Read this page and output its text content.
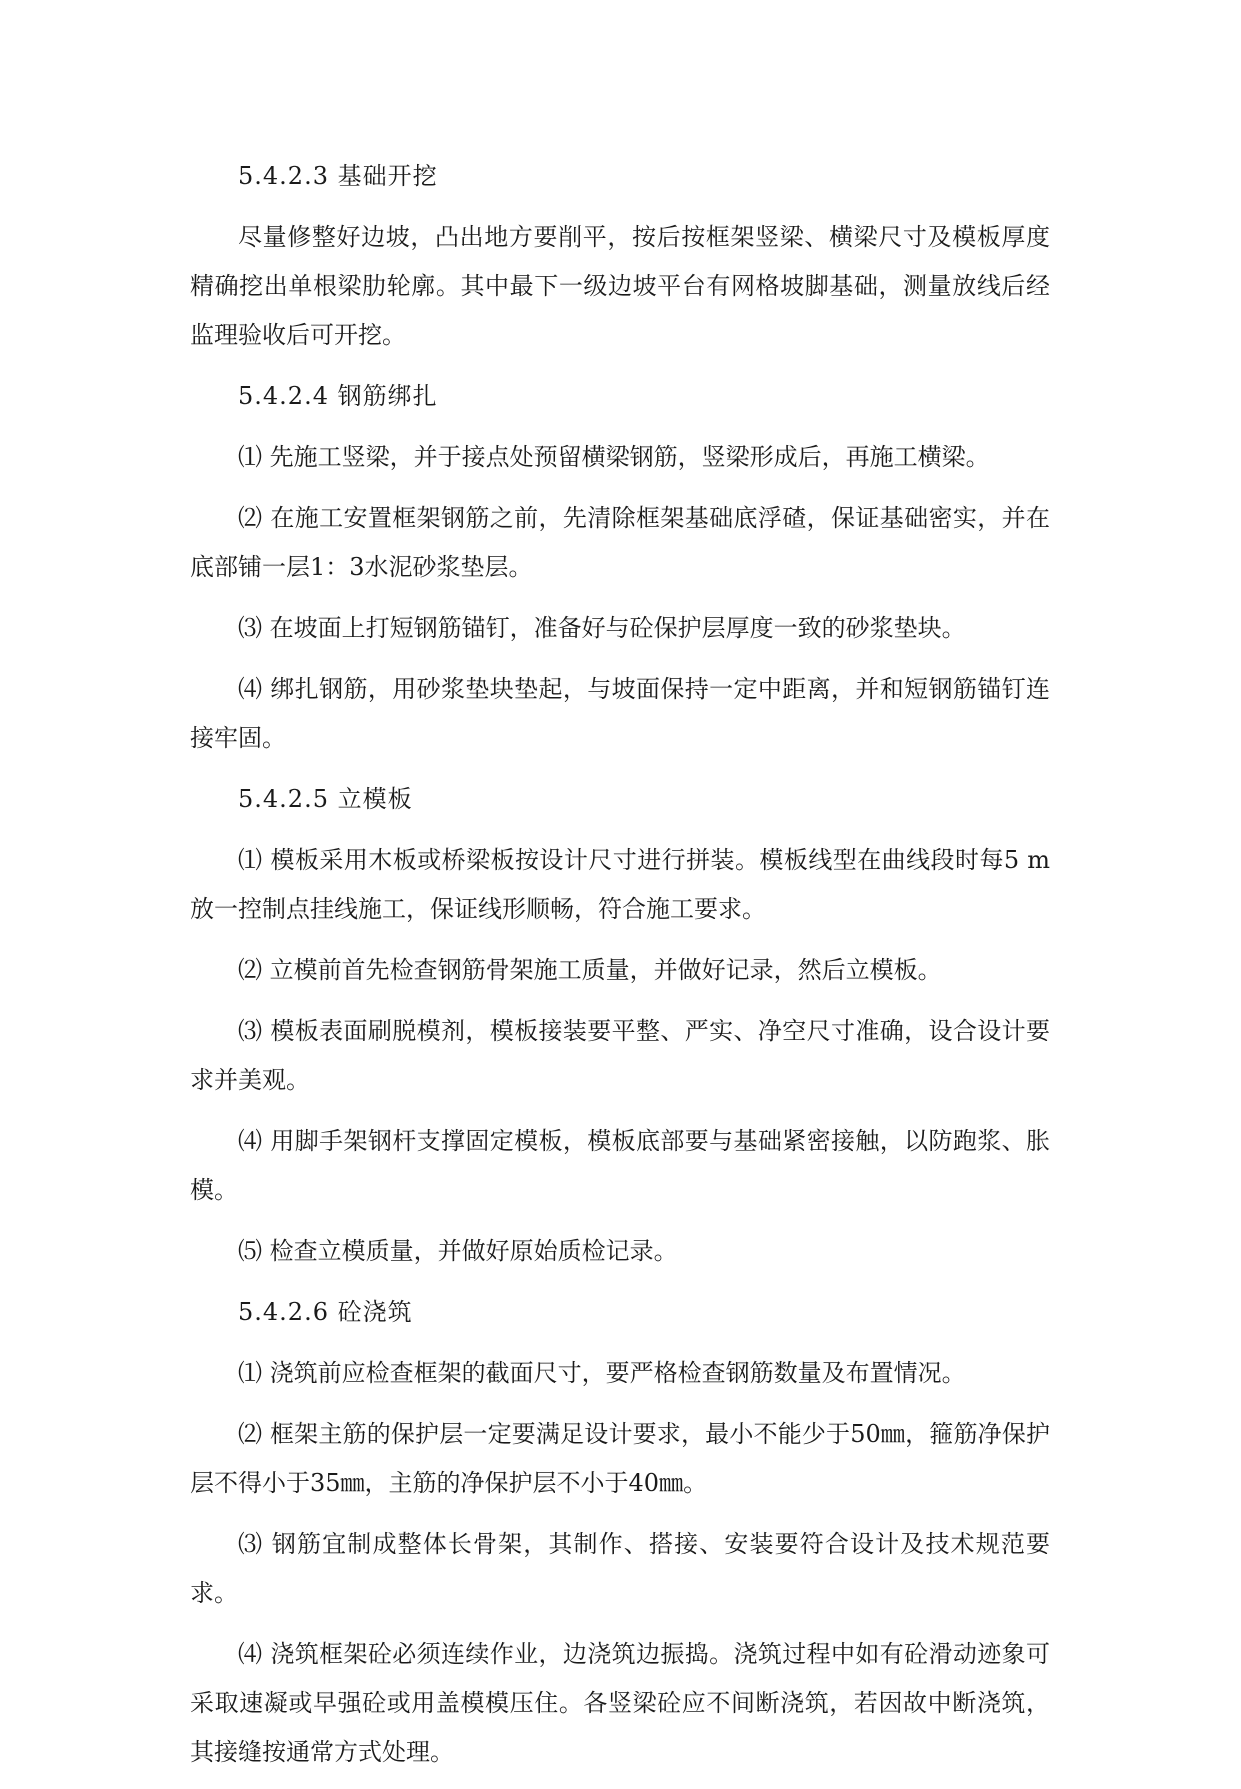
5.4.2.3 基础开挖

尽量修整好边坡，凸出地方要削平，按后按框架竖梁、横梁尺寸及模板厚度精确挖出单根梁肋轮廓。其中最下一级边坡平台有网格坡脚基础，测量放线后经监理验收后可开挖。

5.4.2.4 钢筋绑扎

⑴ 先施工竖梁，并于接点处预留横梁钢筋，竖梁形成后，再施工横梁。

⑵ 在施工安置框架钢筋之前，先清除框架基础底浮碴，保证基础密实，并在底部铺一层1：3水泥砂浆垫层。

⑶ 在坡面上打短钢筋锚钉，准备好与砼保护层厚度一致的砂浆垫块。

⑷ 绑扎钢筋，用砂浆垫块垫起，与坡面保持一定中距离，并和短钢筋锚钉连接牢固。

5.4.2.5 立模板

⑴ 模板采用木板或桥梁板按设计尺寸进行拼装。模板线型在曲线段时每5 m放一控制点挂线施工，保证线形顺畅，符合施工要求。

⑵ 立模前首先检查钢筋骨架施工质量，并做好记录，然后立模板。

⑶ 模板表面刷脱模剂，模板接装要平整、严实、净空尺寸准确，设合设计要求并美观。

⑷ 用脚手架钢杆支撑固定模板，模板底部要与基础紧密接触，以防跑浆、胀模。

⑸ 检查立模质量，并做好原始质检记录。

5.4.2.6 砼浇筑

⑴ 浇筑前应检查框架的截面尺寸，要严格检查钢筋数量及布置情况。

⑵ 框架主筋的保护层一定要满足设计要求，最小不能少于50㎜，箍筋净保护层不得小于35㎜，主筋的净保护层不小于40㎜。

⑶ 钢筋宜制成整体长骨架，其制作、搭接、安装要符合设计及技术规范要求。

⑷ 浇筑框架砼必须连续作业，边浇筑边振捣。浇筑过程中如有砼滑动迹象可采取速凝或早强砼或用盖模模压住。各竖梁砼应不间断浇筑，若因故中断浇筑，其接缝按通常方式处理。
